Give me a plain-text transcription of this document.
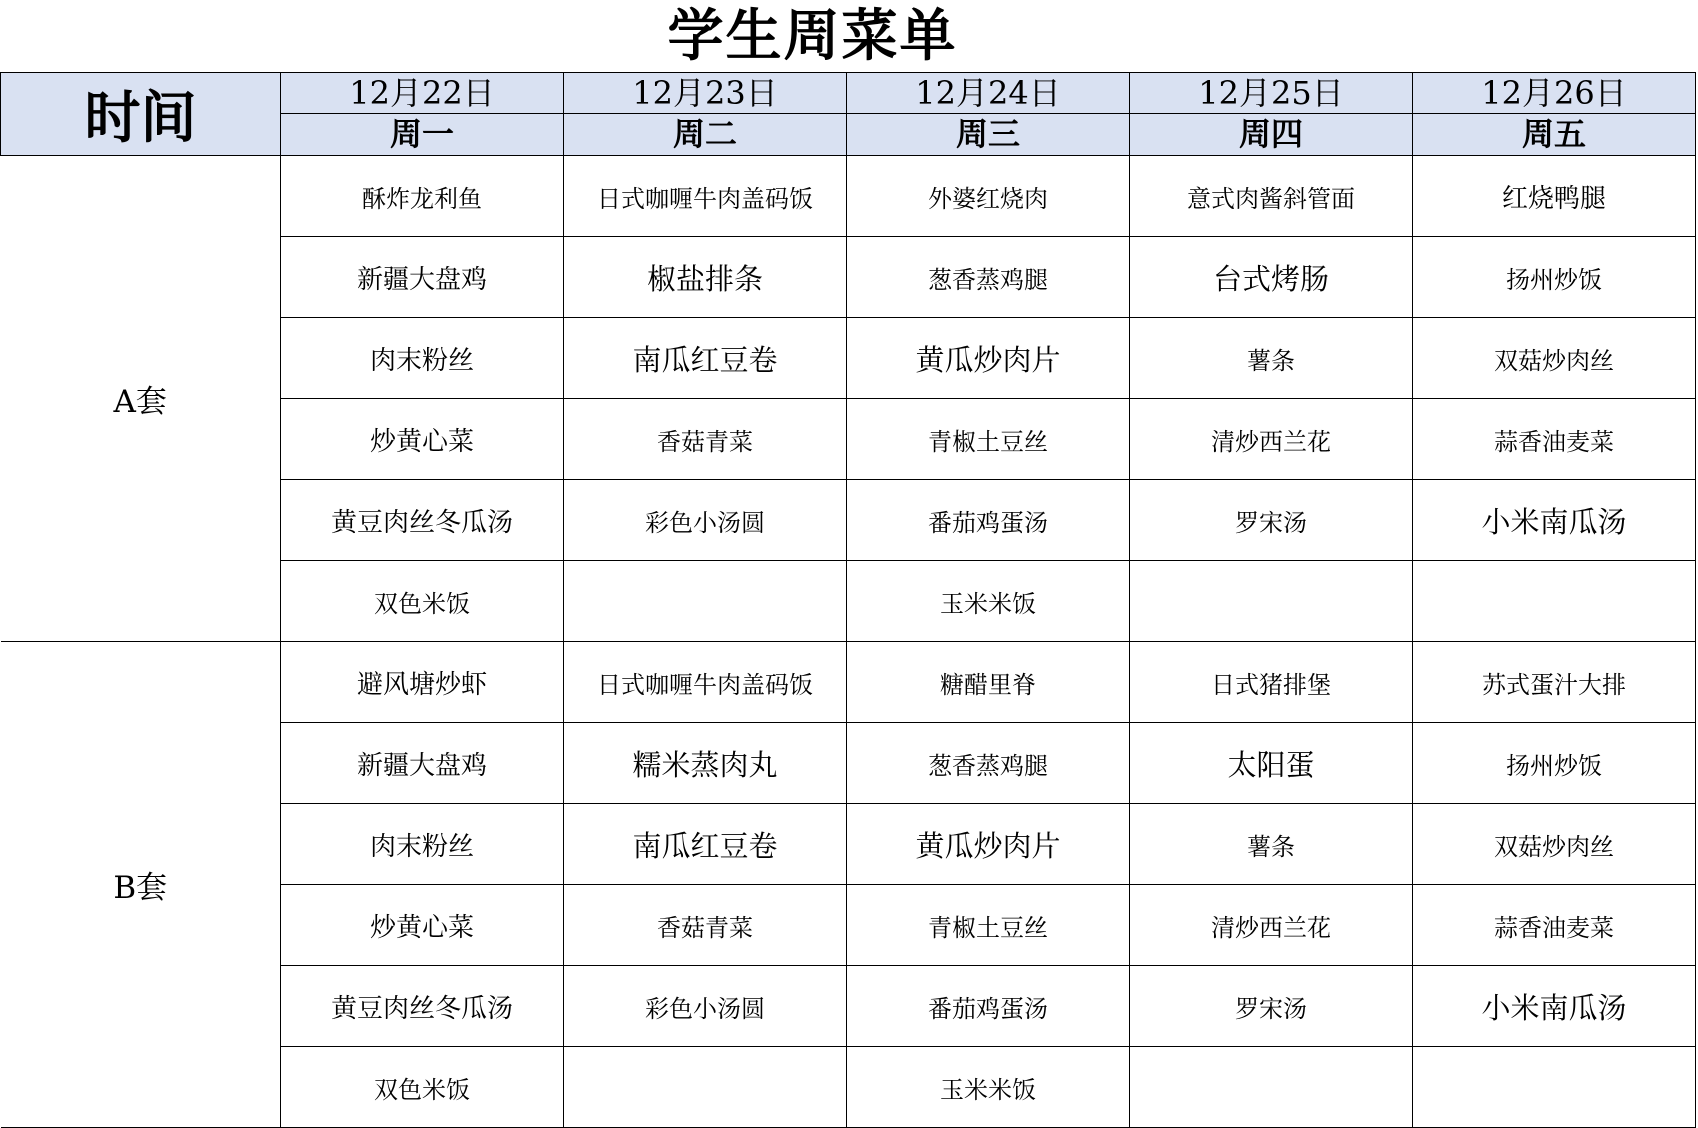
学生周菜单
时间	12月22日	12月23日	12月24日	12月25日	12月26日
	周一	周二	周三	周四	周五
A套	酥炸龙利鱼	日式咖喱牛肉盖码饭	外婆红烧肉	意式肉酱斜管面	红烧鸭腿
	新疆大盘鸡	椒盐排条	葱香蒸鸡腿	台式烤肠	扬州炒饭
	肉末粉丝	南瓜红豆卷	黄瓜炒肉片	薯条	双菇炒肉丝
	炒黄心菜	香菇青菜	青椒土豆丝	清炒西兰花	蒜香油麦菜
	黄豆肉丝冬瓜汤	彩色小汤圆	番茄鸡蛋汤	罗宋汤	小米南瓜汤
	双色米饭		玉米米饭		
B套	避风塘炒虾	日式咖喱牛肉盖码饭	糖醋里脊	日式猪排堡	苏式蛋汁大排
	新疆大盘鸡	糯米蒸肉丸	葱香蒸鸡腿	太阳蛋	扬州炒饭
	肉末粉丝	南瓜红豆卷	黄瓜炒肉片	薯条	双菇炒肉丝
	炒黄心菜	香菇青菜	青椒土豆丝	清炒西兰花	蒜香油麦菜
	黄豆肉丝冬瓜汤	彩色小汤圆	番茄鸡蛋汤	罗宋汤	小米南瓜汤
	双色米饭		玉米米饭		
